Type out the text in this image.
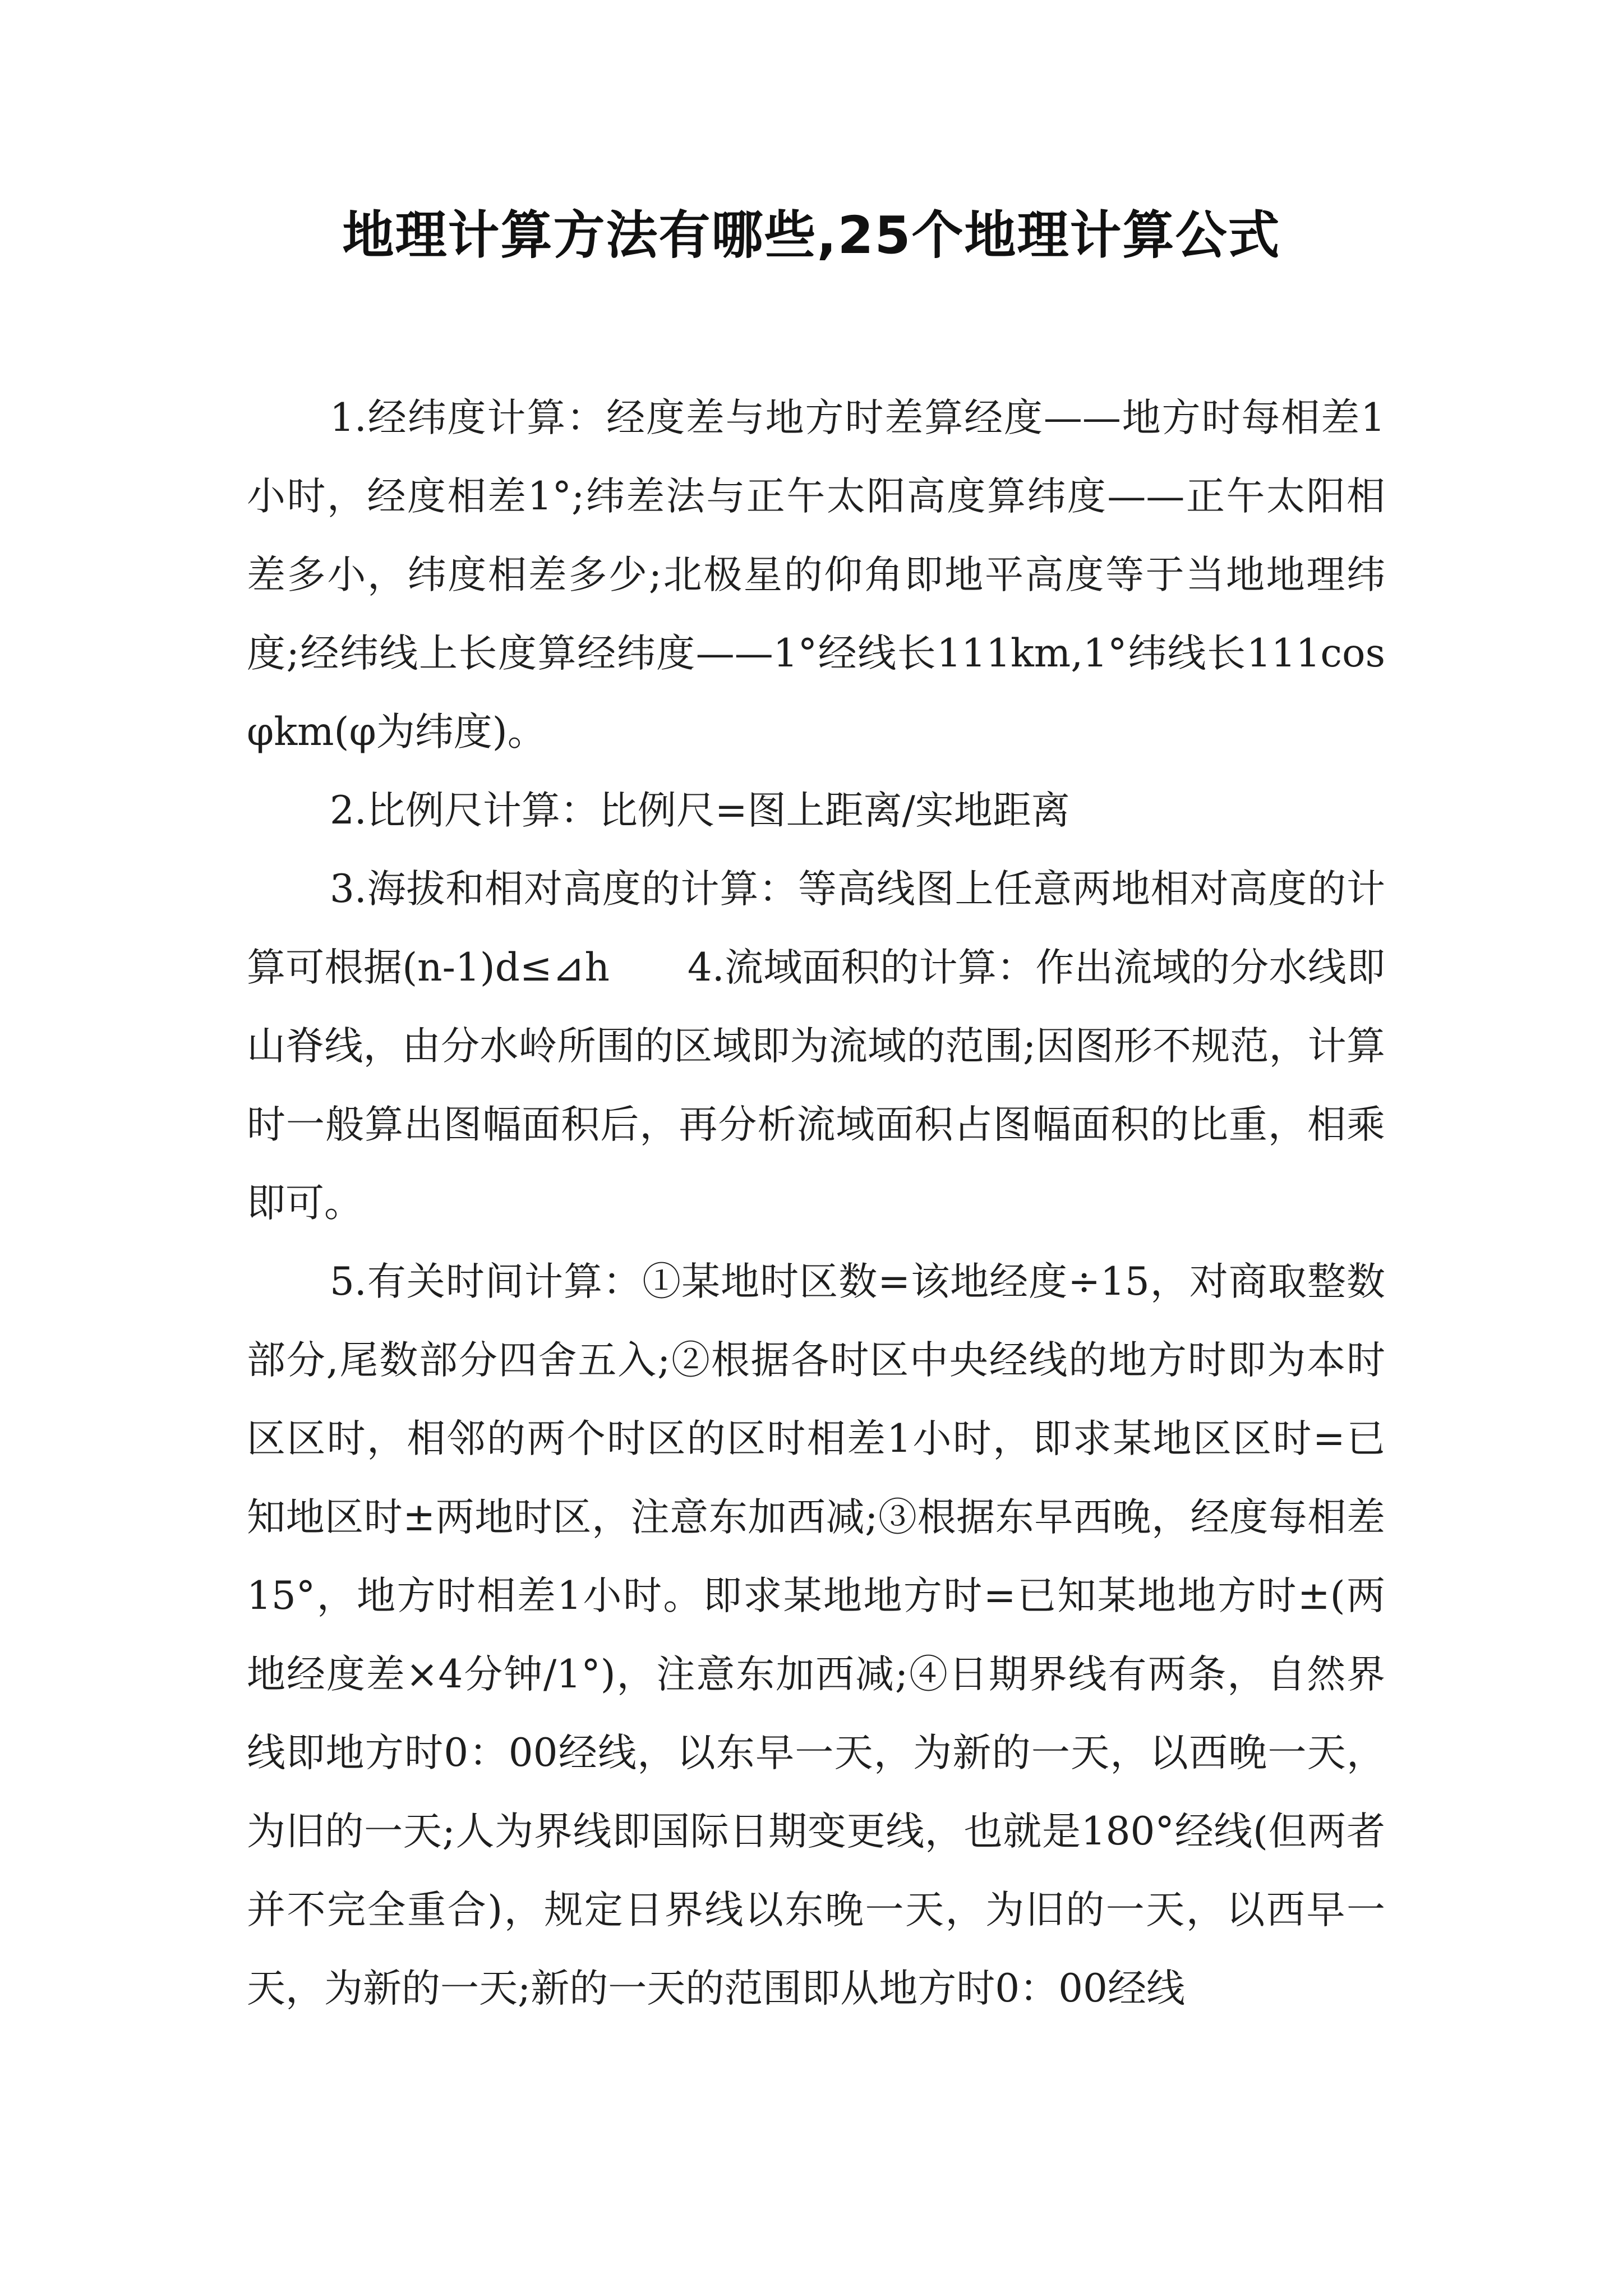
地理计算方法有哪些,25个地理计算公式

1.经纬度计算：经度差与地方时差算经度——地方时每相差1小时，经度相差1°;纬差法与正午太阳高度算纬度——正午太阳相差多小，纬度相差多少;北极星的仰角即地平高度等于当地地理纬度;经纬线上长度算经纬度——1°经线长111km,1°纬线长111cosφkm(φ为纬度)。

2.比例尺计算：比例尺=图上距离/实地距离

3.海拔和相对高度的计算：等高线图上任意两地相对高度的计算可根据(n-1)d≤⊿h　　4.流域面积的计算：作出流域的分水线即山脊线，由分水岭所围的区域即为流域的范围;因图形不规范，计算时一般算出图幅面积后，再分析流域面积占图幅面积的比重，相乘即可。

5.有关时间计算：①某地时区数=该地经度÷15，对商取整数部分,尾数部分四舍五入;②根据各时区中央经线的地方时即为本时区区时，相邻的两个时区的区时相差1小时，即求某地区区时=已知地区时±两地时区，注意东加西减;③根据东早西晚，经度每相差15°，地方时相差1小时。即求某地地方时=已知某地地方时±(两地经度差×4分钟/1°)，注意东加西减;④日期界线有两条，自然界线即地方时0：00经线，以东早一天，为新的一天，以西晚一天，为旧的一天;人为界线即国际日期变更线，也就是180°经线(但两者并不完全重合)，规定日界线以东晚一天，为旧的一天，以西早一天，为新的一天;新的一天的范围即从地方时0：00经线
